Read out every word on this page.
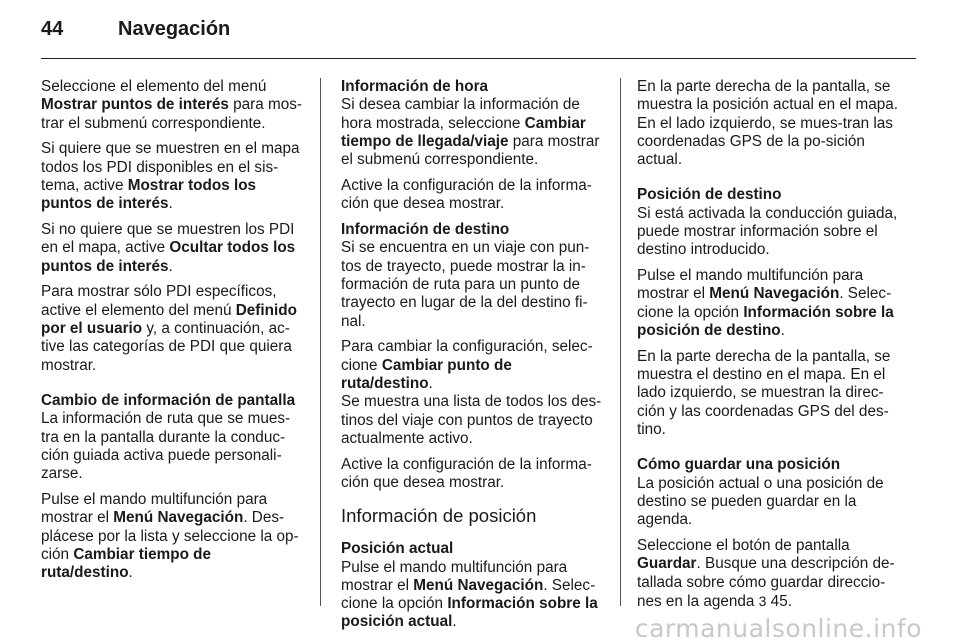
44	Navegación

Seleccione el elemento del menú Mostrar puntos de interés para mos-trar el submenú correspondiente.

Si quiere que se muestren en el mapa todos los PDI disponibles en el sis-tema, active Mostrar todos los puntos de interés.

Si no quiere que se muestren los PDI en el mapa, active Ocultar todos los puntos de interés.

Para mostrar sólo PDI específicos, active el elemento del menú Definido por el usuario y, a continuación, ac-tive las categorías de PDI que quiera mostrar.

Cambio de información de pantalla

La información de ruta que se mues-tra en la pantalla durante la conduc-ción guiada activa puede personali-zarse.

Pulse el mando multifunción para mostrar el Menú Navegación. Des-plácese por la lista y seleccione la op-ción Cambiar tiempo de ruta/destino.

Información de hora

Si desea cambiar la información de hora mostrada, seleccione Cambiar tiempo de llegada/viaje para mostrar el submenú correspondiente.

Active la configuración de la informa-ción que desea mostrar.

Información de destino

Si se encuentra en un viaje con pun-tos de trayecto, puede mostrar la in-formación de ruta para un punto de trayecto en lugar de la del destino fi-nal.

Para cambiar la configuración, selec-cione Cambiar punto de ruta/destino.

Se muestra una lista de todos los des-tinos del viaje con puntos de trayecto actualmente activo.

Active la configuración de la informa-ción que desea mostrar.

Información de posición
Posición actual

Pulse el mando multifunción para mostrar el Menú Navegación. Selec-cione la opción Información sobre la posición actual.

En la parte derecha de la pantalla, se muestra la posición actual en el mapa. En el lado izquierdo, se mues-tran las coordenadas GPS de la po-sición actual.

Posición de destino

Si está activada la conducción guiada, puede mostrar información sobre el destino introducido.

Pulse el mando multifunción para mostrar el Menú Navegación. Selec-cione la opción Información sobre la posición de destino.

En la parte derecha de la pantalla, se muestra el destino en el mapa. En el lado izquierdo, se muestran la direc-ción y las coordenadas GPS del des-tino.

Cómo guardar una posición

La posición actual o una posición de destino se pueden guardar en la agenda.

Seleccione el botón de pantalla Guardar. Busque una descripción de-tallada sobre cómo guardar direccio-nes en la agenda 3 45.

carmanualsonline.info
